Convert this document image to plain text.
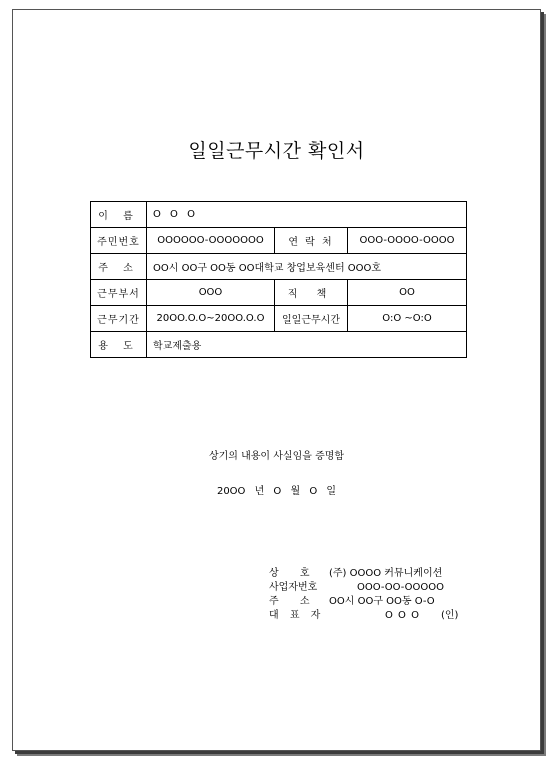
일일근무시간 확인서
이 름	O O O		
주민번호	OOOOOO-OOOOOOO	연 락 처	OOO-OOOO-OOOO
주 소	OO시 OO구 OO동 OO대학교 창업보육센터 OOO호		
근무부서	OOO	직 책	OO
근무기간	20OO.O.O~20OO.O.O	일일근무시간	O:O ~O:O
용 도	학교제출용		
상기의 내용이 사실임을 증명함
20OO 년 O 월 O 일
상 호	(주) OOOO 커뮤니케이션
사업자번호	OOO-OO-OOOOO
주 소	OO시 OO구 OO동 O-O
대 표 자	O O O (인)
